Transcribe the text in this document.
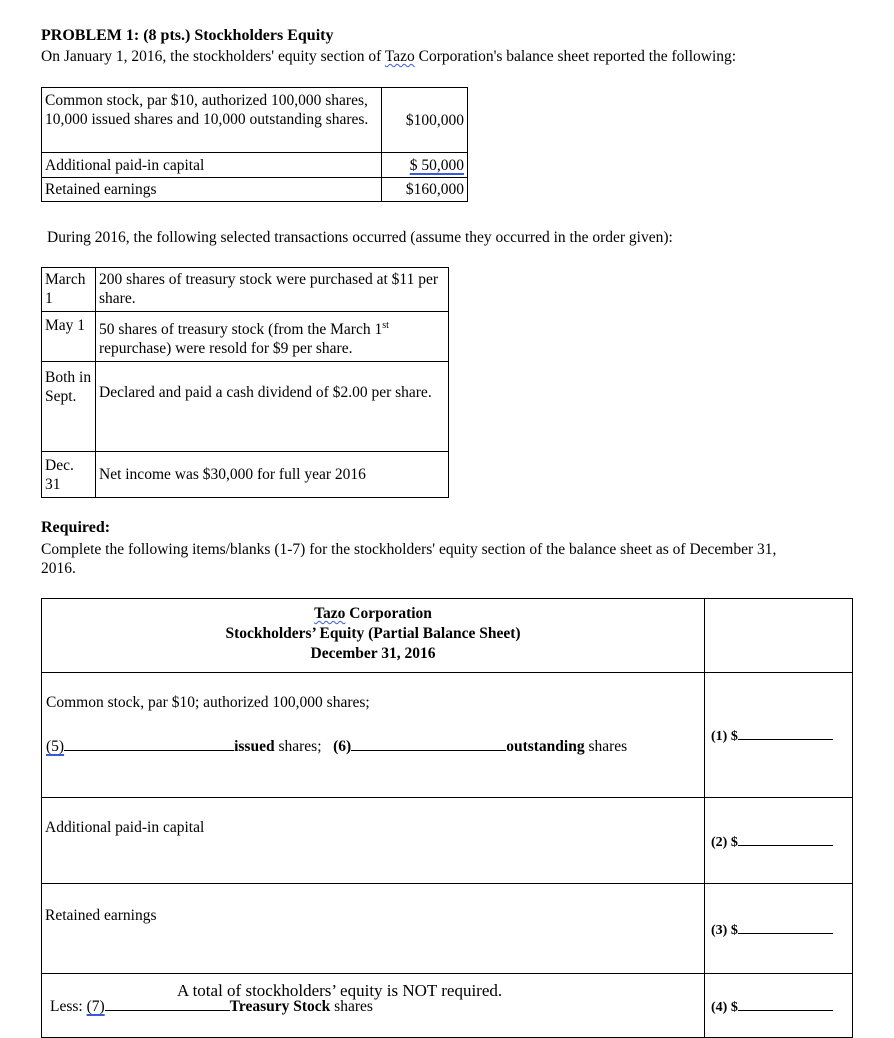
PROBLEM 1: (8 pts.) Stockholders Equity
On January 1, 2016, the stockholders' equity section of Tazo Corporation's balance sheet reported the following:
Common stock, par $10, authorized 100,000 shares, 10,000 issued shares and 10,000 outstanding shares.	$100,000
Additional paid-in capital	$ 50,000
Retained earnings	$160,000
During 2016, the following selected transactions occurred (assume they occurred in the order given):
March 1	200 shares of treasury stock were purchased at $11 per share.
May 1	50 shares of treasury stock (from the March 1st repurchase) were resold for $9 per share.
Both in Sept.	Declared and paid a cash dividend of $2.00 per share.
Dec. 31	Net income was $30,000 for full year 2016
Required:
Complete the following items/blanks (1-7) for the stockholders' equity section of the balance sheet as of December 31, 2016.
Tazo Corporation
Stockholders’ Equity (Partial Balance Sheet)
December 31, 2016	

Common stock, par $10; authorized 100,000 shares;
(5) issued shares; (6) outstanding shares	(1) $
Additional paid-in capital	(2) $
Retained earnings	(3) $
Less: (7) Treasury Stock shares	(4) $
A total of stockholders’ equity is NOT required.
